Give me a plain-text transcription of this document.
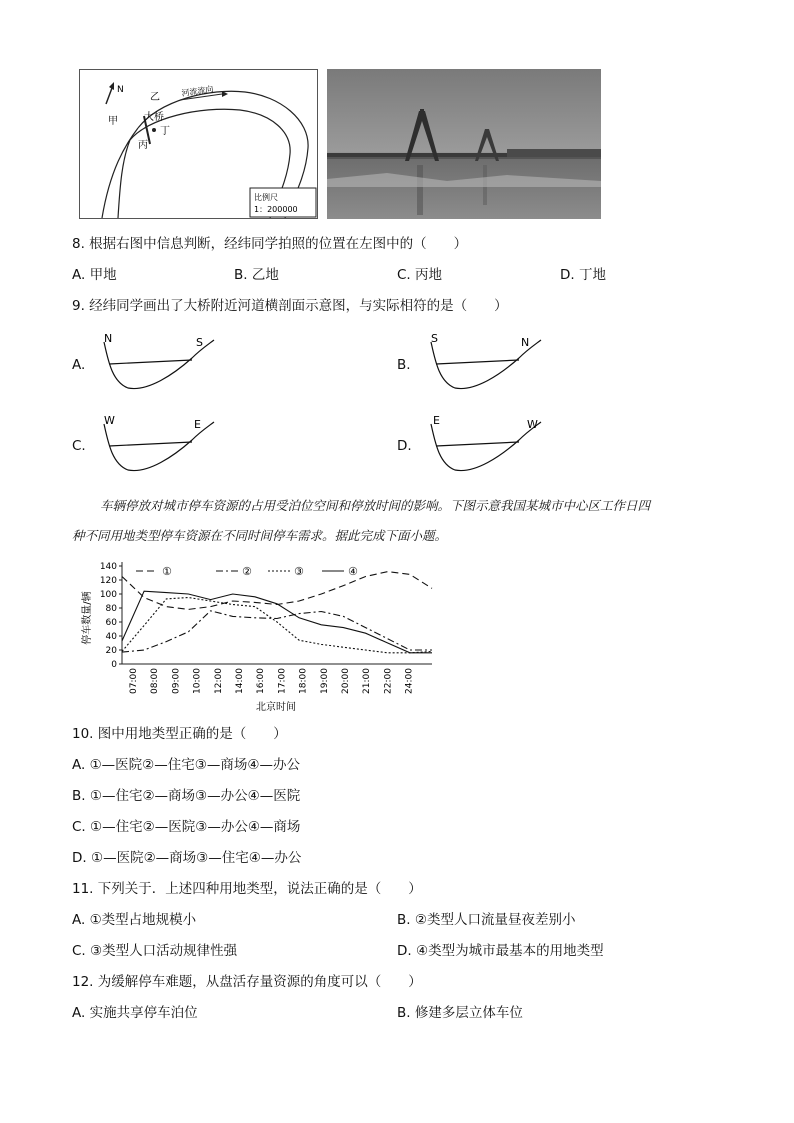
N
甲
乙
丙
丁
大桥
河流流向
比例尺
1：200000
8. 根据右图中信息判断，经纬同学拍照的位置在左图中的（　　）
A. 甲地	B. 乙地	C. 丙地	D. 丁地
9. 经纬同学画出了大桥附近河道横剖面示意图，与实际相符的是（　　）
A.
N	S
B.
S	N
C.
W	E
D.
E	W
车辆停放对城市停车资源的占用受泊位空间和停放时间的影响。下图示意我国某城市中心区工作日四
种不同用地类型停车资源在不同时间停车需求。据此完成下面小题。
0
20
40
60
80
100
120
140
07:00 08:00 09:00 10:00 12:00 14:00 16:00 17:00 18:00 19:00 20:00 21:00 22:00 24:00
①	②	③	④
停车数量/辆
北京时间
10. 图中用地类型正确的是（　　）
A. ①—医院②—住宅③—商场④—办公
B. ①—住宅②—商场③—办公④—医院
C. ①—住宅②—医院③—办公④—商场
D. ①—医院②—商场③—住宅④—办公
11. 下列关于．上述四种用地类型，说法正确的是（　　）
A. ①类型占地规模小	B. ②类型人口流量昼夜差别小
C. ③类型人口活动规律性强	D. ④类型为城市最基本的用地类型
12. 为缓解停车难题，从盘活存量资源的角度可以（　　）
A. 实施共享停车泊位	B. 修建多层立体车位
